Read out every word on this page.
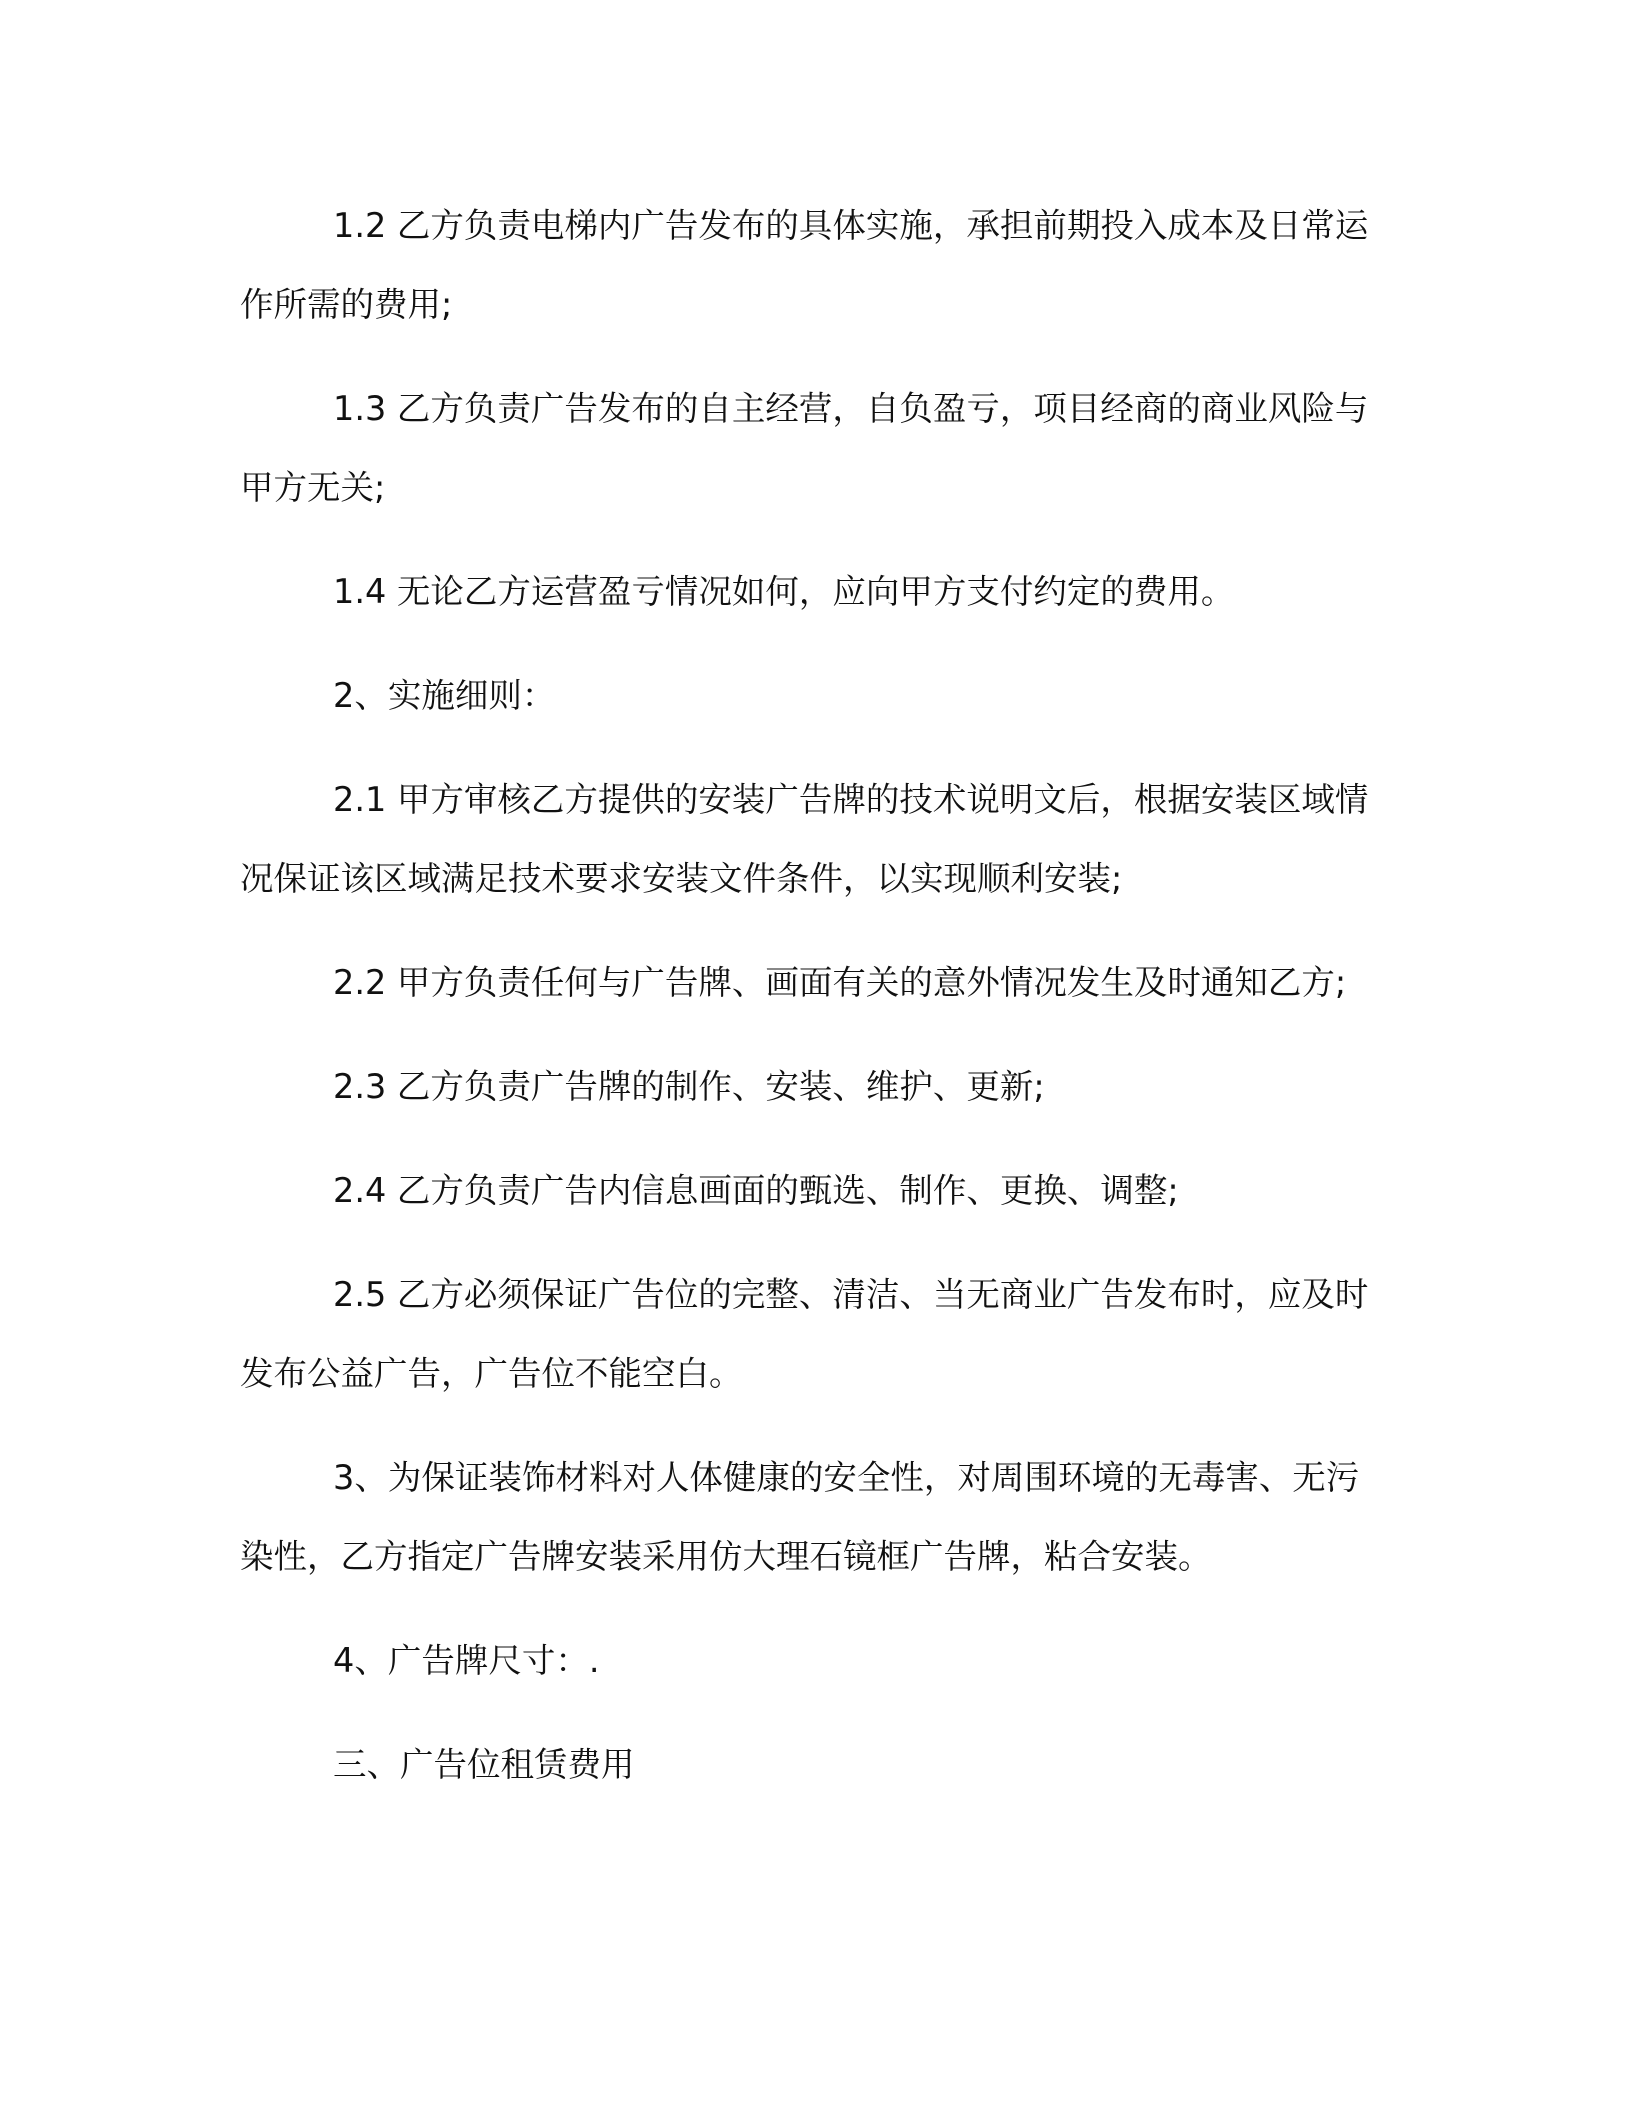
1.2 乙方负责电梯内广告发布的具体实施，承担前期投入成本及日常运作所需的费用;

1.3 乙方负责广告发布的自主经营，自负盈亏，项目经商的商业风险与甲方无关;

1.4 无论乙方运营盈亏情况如何，应向甲方支付约定的费用。

2、实施细则：

2.1 甲方审核乙方提供的安装广告牌的技术说明文后，根据安装区域情况保证该区域满足技术要求安装文件条件，以实现顺利安装;

2.2 甲方负责任何与广告牌、画面有关的意外情况发生及时通知乙方;

2.3 乙方负责广告牌的制作、安装、维护、更新;

2.4 乙方负责广告内信息画面的甄选、制作、更换、调整;

2.5 乙方必须保证广告位的完整、清洁、当无商业广告发布时，应及时发布公益广告，广告位不能空白。

3、为保证装饰材料对人体健康的安全性，对周围环境的无毒害、无污染性，乙方指定广告牌安装采用仿大理石镜框广告牌，粘合安装。

4、广告牌尺寸：.

三、广告位租赁费用
